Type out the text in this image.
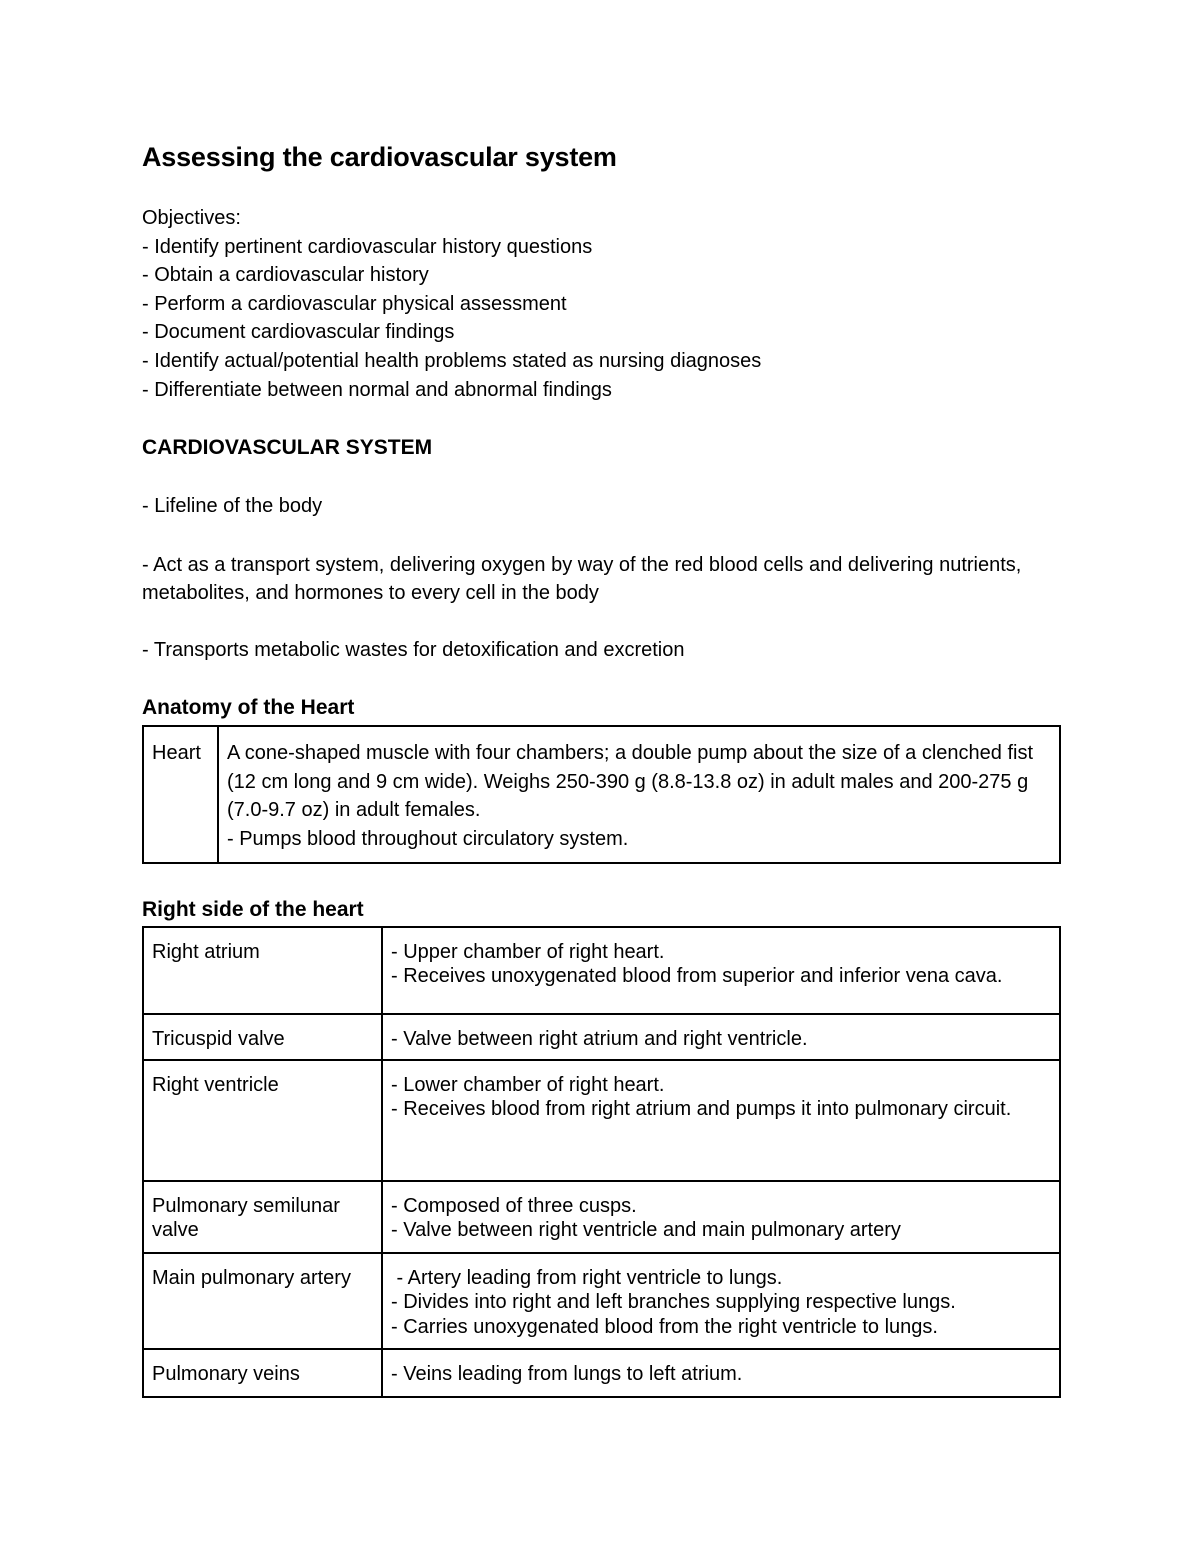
Assessing the cardiovascular system
Objectives:
- Identify pertinent cardiovascular history questions
- Obtain a cardiovascular history
- Perform a cardiovascular physical assessment
- Document cardiovascular findings
- Identify actual/potential health problems stated as nursing diagnoses
- Differentiate between normal and abnormal findings
CARDIOVASCULAR SYSTEM
- Lifeline of the body
- Act as a transport system, delivering oxygen by way of the red blood cells and delivering nutrients, metabolites, and hormones to every cell in the body
- Transports metabolic wastes for detoxification and excretion
Anatomy of the Heart
Heart	A cone-shaped muscle with four chambers; a double pump about the size of a clenched fist (12 cm long and 9 cm wide). Weighs 250-390 g (8.8-13.8 oz) in adult males and 200-275 g (7.0-9.7 oz) in adult females.
- Pumps blood throughout circulatory system.
Right side of the heart
Right atrium	- Upper chamber of right heart.
- Receives unoxygenated blood from superior and inferior vena cava.

Tricuspid valve	- Valve between right atrium and right ventricle.

Right ventricle	- Lower chamber of right heart.
- Receives blood from right atrium and pumps it into pulmonary circuit.

Pulmonary semilunar valve	- Composed of three cusps.
- Valve between right ventricle and main pulmonary artery

Main pulmonary artery	- Artery leading from right ventricle to lungs.
- Divides into right and left branches supplying respective lungs.
- Carries unoxygenated blood from the right ventricle to lungs.

Pulmonary veins	- Veins leading from lungs to left atrium.
